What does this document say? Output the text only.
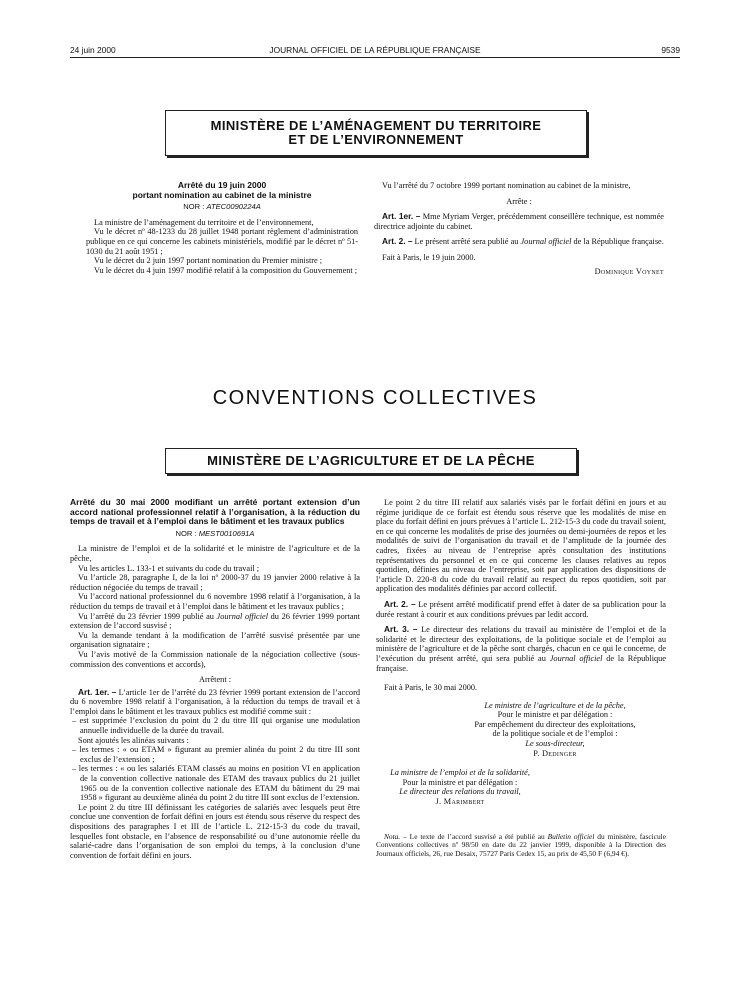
24 juin 2000	JOURNAL OFFICIEL DE LA RÉPUBLIQUE FRANÇAISE	9539
MINISTÈRE DE L’AMÉNAGEMENT DU TERRITOIRE
ET DE L’ENVIRONNEMENT
Arrêté du 19 juin 2000
portant nomination au cabinet de la ministre
NOR : ATEC0090224A

La ministre de l’aménagement du territoire et de l’environnement,

Vu le décret nº 48-1233 du 28 juillet 1948 portant règlement d’administration publique en ce qui concerne les cabinets ministériels, modifié par le décret nº 51-1030 du 21 août 1951 ;

Vu le décret du 2 juin 1997 portant nomination du Premier ministre ;

Vu le décret du 4 juin 1997 modifié relatif à la composition du Gouvernement ;

Vu l’arrêté du 7 octobre 1999 portant nomination au cabinet de la ministre,

Arrête :

Art. 1er. – Mme Myriam Verger, précédemment conseillère technique, est nommée directrice adjointe du cabinet.

Art. 2. – Le présent arrêté sera publié au Journal officiel de la République française.

Fait à Paris, le 19 juin 2000.

Dominique Voynet

CONVENTIONS COLLECTIVES
MINISTÈRE DE L’AGRICULTURE ET DE LA PÊCHE
Arrêté du 30 mai 2000 modifiant un arrêté portant extension d’un accord national professionnel relatif à l’organisation, à la réduction du temps de travail et à l’emploi dans le bâtiment et les travaux publics
NOR : MEST0010691A

La ministre de l’emploi et de la solidarité et le ministre de l’agriculture et de la pêche,

Vu les articles L. 133-1 et suivants du code du travail ;

Vu l’article 28, paragraphe I, de la loi nº 2000-37 du 19 janvier 2000 relative à la réduction négociée du temps de travail ;

Vu l’accord national professionnel du 6 novembre 1998 relatif à l’organisation, à la réduction du temps de travail et à l’emploi dans le bâtiment et les travaux publics ;

Vu l’arrêté du 23 février 1999 publié au Journal officiel du 26 février 1999 portant extension de l’accord susvisé ;

Vu la demande tendant à la modification de l’arrêté susvisé présentée par une organisation signataire ;

Vu l’avis motivé de la Commission nationale de la négociation collective (sous-commission des conventions et accords),

Arrêtent :

Art. 1er. – L’article 1er de l’arrêté du 23 février 1999 portant extension de l’accord du 6 novembre 1998 relatif à l’organisation, à la réduction du temps de travail et à l’emploi dans le bâtiment et les travaux publics est modifié comme suit :

– est supprimée l’exclusion du point du 2 du titre III qui organise une modulation annuelle individuelle de la durée du travail.

Sont ajoutés les alinéas suivants :

– les termes : « ou ETAM » figurant au premier alinéa du point 2 du titre III sont exclus de l’extension ;

– les termes : « ou les salariés ETAM classés au moins en position VI en application de la convention collective nationale des ETAM des travaux publics du 21 juillet 1965 ou de la convention collective nationale des ETAM du bâtiment du 29 mai 1958 » figurant au deuxième alinéa du point 2 du titre III sont exclus de l’extension.

Le point 2 du titre III définissant les catégories de salariés avec lesquels peut être conclue une convention de forfait défini en jours est étendu sous réserve du respect des dispositions des paragraphes I et III de l’article L. 212-15-3 du code du travail, lesquelles font obstacle, en l’absence de responsabilité ou d’une autonomie réelle du salarié-cadre dans l’organisation de son emploi du temps, à la conclusion d’une convention de forfait défini en jours.

Le point 2 du titre III relatif aux salariés visés par le forfait défini en jours et au régime juridique de ce forfait est étendu sous réserve que les modalités de mise en place du forfait défini en jours prévues à l’article L. 212-15-3 du code du travail soient, en ce qui concerne les modalités de prise des journées ou demi-journées de repos et les modalités de suivi de l’organisation du travail et de l’amplitude de la journée des cadres, fixées au niveau de l’entreprise après consultation des institutions représentatives du personnel et en ce qui concerne les clauses relatives au repos quotidien, définies au niveau de l’entreprise, soit par application des dispositions de l’article D. 220-8 du code du travail relatif au respect du repos quotidien, soit par application des modalités définies par accord collectif.

Art. 2. – Le présent arrêté modificatif prend effet à dater de sa publication pour la durée restant à courir et aux conditions prévues par ledit accord.

Art. 3. – Le directeur des relations du travail au ministère de l’emploi et de la solidarité et le directeur des exploitations, de la politique sociale et de l’emploi au ministère de l’agriculture et de la pêche sont chargés, chacun en ce qui le concerne, de l’exécution du présent arrêté, qui sera publié au Journal officiel de la République française.

Fait à Paris, le 30 mai 2000.

Le ministre de l’agriculture et de la pêche,

Pour le ministre et par délégation :

Par empêchement du directeur des exploitations,

de la politique sociale et de l’emploi :

Le sous-directeur,

P. Dedinger

La ministre de l’emploi et de la solidarité,

Pour la ministre et par délégation :

Le directeur des relations du travail,

J. Marimbert

Nota. – Le texte de l’accord susvisé a été publié au Bulletin officiel du ministère, fascicule Conventions collectives nº 98/50 en date du 22 janvier 1999, disponible à la Direction des Journaux officiels, 26, rue Desaix, 75727 Paris Cedex 15, au prix de 45,50 F (6,94 €).
